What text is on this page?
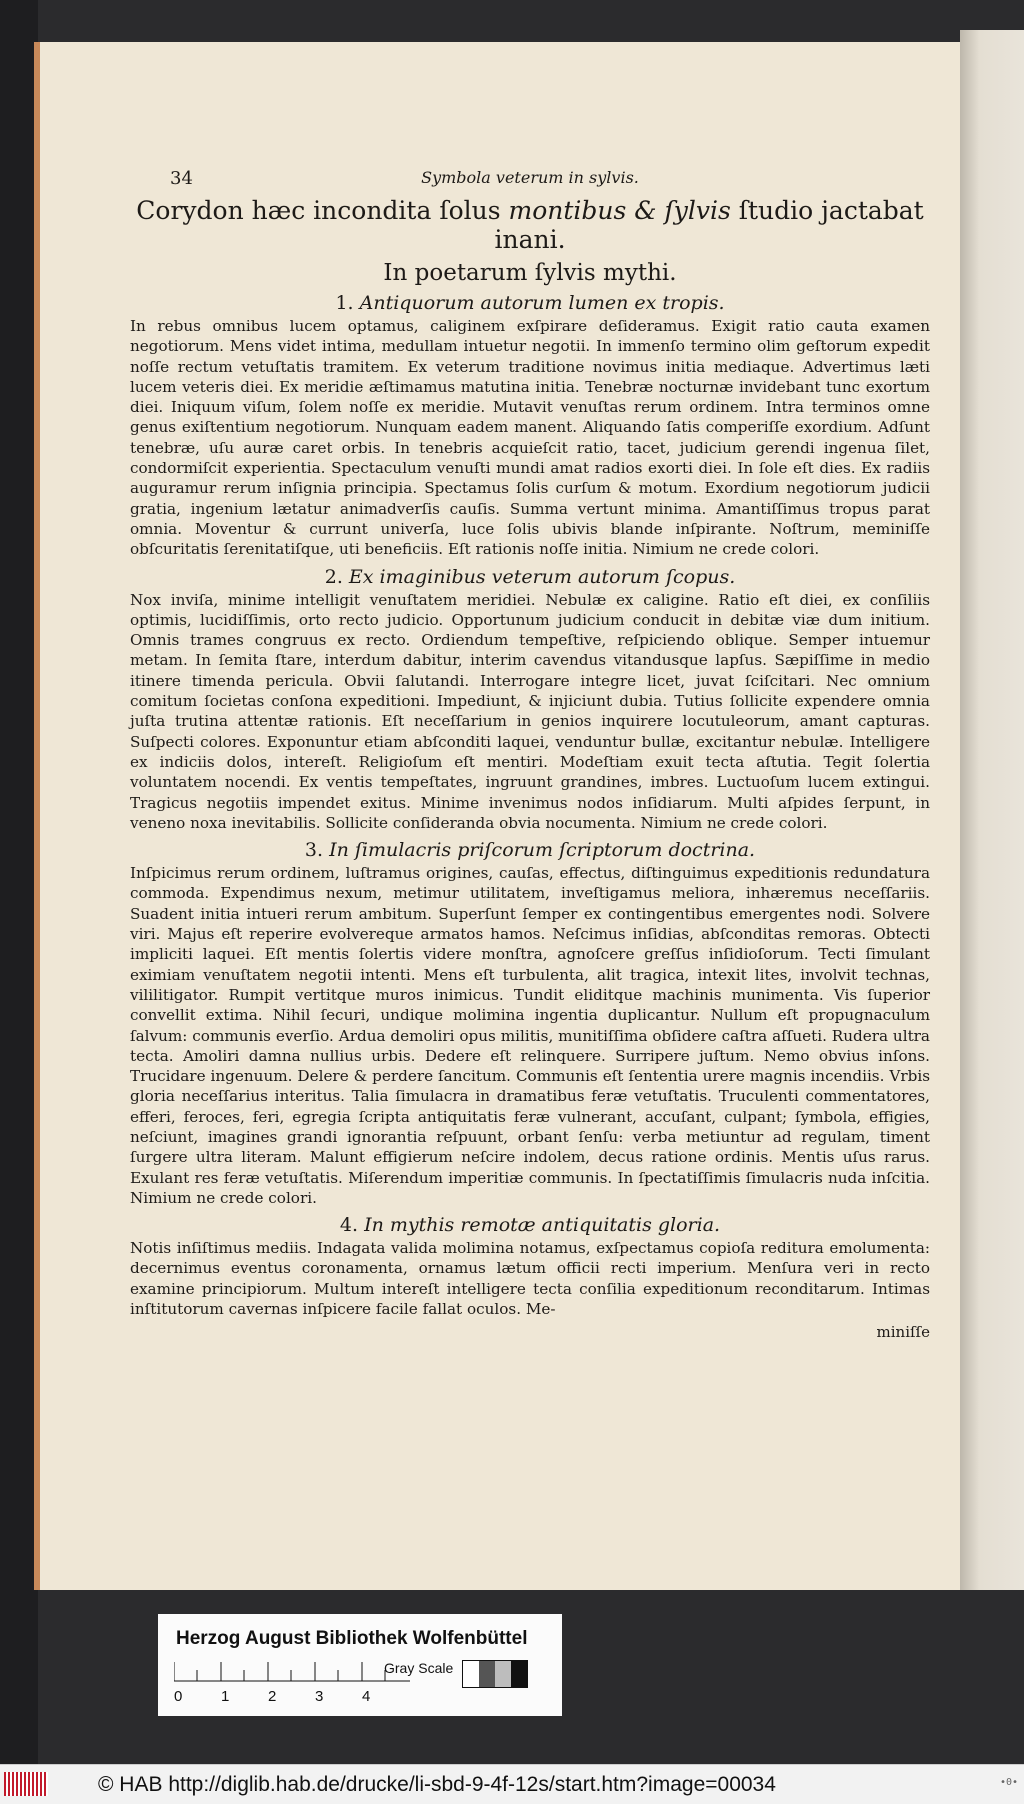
34	Symbola veterum in sylvis.
Corydon hæc incondita ſolus montibus & ſylvis ſtudio jactabat inani.
In poetarum ſylvis mythi.
1. Antiquorum autorum lumen ex tropis.

In rebus omnibus lucem optamus, caliginem exſpirare deſideramus. Exigit ratio cauta examen negotiorum. Mens videt intima, medullam intuetur negotii. In immenſo termino olim geſtorum expedit noſſe rectum vetuſtatis tramitem. Ex veterum traditione novimus initia mediaque. Advertimus læti lucem veteris diei. Ex meridie æſtimamus matutina initia. Tenebræ nocturnæ invidebant tunc exortum diei. Iniquum viſum, ſolem noſſe ex meridie. Mutavit venuſtas rerum ordinem. Intra terminos omne genus exiſtentium negotiorum. Nunquam eadem manent. Aliquando ſatis comperiſſe exordium. Adſunt tenebræ, uſu auræ caret orbis. In tenebris acquieſcit ratio, tacet, judicium gerendi ingenua ſilet, condormiſcit experientia. Spectaculum venuſti mundi amat radios exorti diei. In ſole eſt dies. Ex radiis auguramur rerum inſignia principia. Spectamus ſolis curſum & motum. Exordium negotiorum judicii gratia, ingenium lætatur animadverſis cauſis. Summa vertunt minima. Amantiſſimus tropus parat omnia. Moventur & currunt univerſa, luce ſolis ubivis blande inſpirante. Noſtrum, meminiſſe obſcuritatis ſerenitatiſque, uti beneficiis. Eſt rationis noſſe initia. Nimium ne crede colori.

2. Ex imaginibus veterum autorum ſcopus.

Nox inviſa, minime intelligit venuſtatem meridiei. Nebulæ ex caligine. Ratio eſt diei, ex conſiliis optimis, lucidiſſimis, orto recto judicio. Opportunum judicium conducit in debitæ viæ dum initium. Omnis trames congruus ex recto. Ordiendum tempeſtive, reſpiciendo oblique. Semper intuemur metam. In ſemita ſtare, interdum dabitur, interim cavendus vitandusque lapſus. Sæpiſſime in medio itinere timenda pericula. Obvii ſalutandi. Interrogare integre licet, juvat ſciſcitari. Nec omnium comitum ſocietas conſona expeditioni. Impediunt, & injiciunt dubia. Tutius ſollicite expendere omnia juſta trutina attentæ rationis. Eſt neceſſarium in genios inquirere locutuleorum, amant capturas. Suſpecti colores. Exponuntur etiam abſconditi laquei, venduntur bullæ, excitantur nebulæ. Intelligere ex indiciis dolos, intereſt. Religioſum eſt mentiri. Modeſtiam exuit tecta aſtutia. Tegit ſolertia voluntatem nocendi. Ex ventis tempeſtates, ingruunt grandines, imbres. Luctuoſum lucem extingui. Tragicus negotiis impendet exitus. Minime invenimus nodos inſidiarum. Multi aſpides ſerpunt, in veneno noxa inevitabilis. Sollicite conſideranda obvia nocumenta. Nimium ne crede colori.

3. In ſimulacris priſcorum ſcriptorum doctrina.

Inſpicimus rerum ordinem, luſtramus origines, cauſas, effectus, diſtinguimus expeditionis redundatura commoda. Expendimus nexum, metimur utilitatem, inveſtigamus meliora, inhæremus neceſſariis. Suadent initia intueri rerum ambitum. Superſunt ſemper ex contingentibus emergentes nodi. Solvere viri. Majus eſt reperire evolvereque armatos hamos. Neſcimus inſidias, abſconditas remoras. Obtecti impliciti laquei. Eſt mentis ſolertis videre monſtra, agnoſcere greſſus inſidioſorum. Tecti ſimulant eximiam venuſtatem negotii intenti. Mens eſt turbulenta, alit tragica, intexit lites, involvit technas, vililitigator. Rumpit vertitque muros inimicus. Tundit eliditque machinis munimenta. Vis ſuperior convellit extima. Nihil ſecuri, undique molimina ingentia duplicantur. Nullum eſt propugnaculum ſalvum: communis everſio. Ardua demoliri opus militis, munitiſſima obſidere caſtra aſſueti. Rudera ultra tecta. Amoliri damna nullius urbis. Dedere eſt relinquere. Surripere juſtum. Nemo obvius inſons. Trucidare ingenuum. Delere & perdere ſancitum. Communis eſt ſententia urere magnis incendiis. Vrbis gloria neceſſarius interitus. Talia ſimulacra in dramatibus feræ vetuſtatis. Truculenti commentatores, efferi, feroces, feri, egregia ſcripta antiquitatis feræ vulnerant, accuſant, culpant; ſymbola, effigies, neſciunt, imagines grandi ignorantia reſpuunt, orbant ſenſu: verba metiuntur ad regulam, timent ſurgere ultra literam. Malunt effigierum neſcire indolem, decus ratione ordinis. Mentis uſus rarus. Exulant res feræ vetuſtatis. Miſerendum imperitiæ communis. In ſpectatiſſimis ſimulacris nuda inſcitia. Nimium ne crede colori.

4. In mythis remotæ antiquitatis gloria.

Notis inſiſtimus mediis. Indagata valida molimina notamus, exſpectamus copioſa reditura emolumenta: decernimus eventus coronamenta, ornamus lætum officii recti imperium. Menſura veri in recto examine principiorum. Multum intereſt intelligere tecta conſilia expeditionum reconditarum. Intimas inſtitutorum cavernas inſpicere facile fallat oculos. Me-

miniſſe
Herzog August Bibliothek Wolfenbüttel
Gray Scale
0	1	2	3	4
© HAB http://diglib.hab.de/drucke/li-sbd-9-4f-12s/start.htm?image=00034	•0•
